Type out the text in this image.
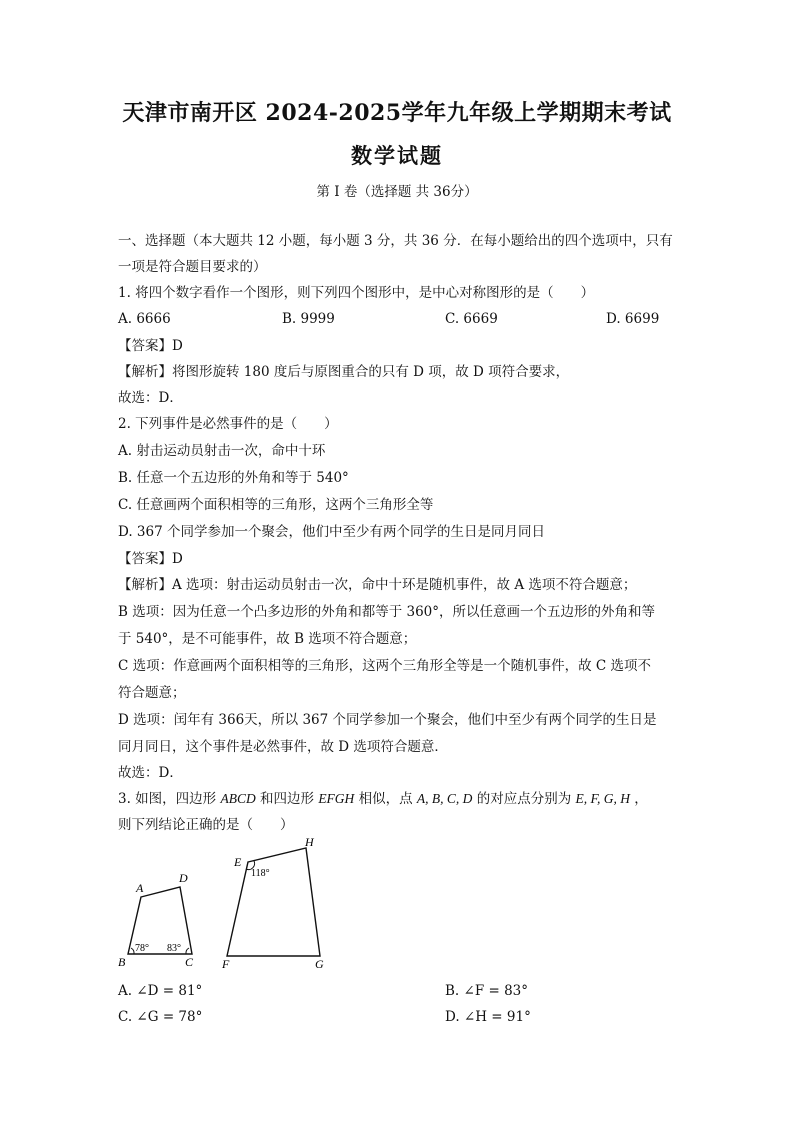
天津市南开区 2024-2025学年九年级上学期期末考试
数学试题
第 I 卷（选择题 共 36分）
一、选择题（本大题共 12 小题，每小题 3 分，共 36 分．在每小题给出的四个选项中，只有
一项是符合题目要求的）
1. 将四个数字看作一个图形，则下列四个图形中，是中心对称图形的是（　　）
A. 6666	B. 9999	C. 6669	D. 6699
【答案】D
【解析】将图形旋转 180 度后与原图重合的只有 D 项，故 D 项符合要求，
故选：D．
2. 下列事件是必然事件的是（　　）
A. 射击运动员射击一次，命中十环
B. 任意一个五边形的外角和等于 540°
C. 任意画两个面积相等的三角形，这两个三角形全等
D. 367 个同学参加一个聚会，他们中至少有两个同学的生日是同月同日
【答案】D
【解析】A 选项：射击运动员射击一次，命中十环是随机事件，故 A 选项不符合题意；
B 选项：因为任意一个凸多边形的外角和都等于 360°，所以任意画一个五边形的外角和等
于 540°，是不可能事件，故 B 选项不符合题意；
C 选项：作意画两个面积相等的三角形，这两个三角形全等是一个随机事件，故 C 选项不
符合题意；
D 选项：闰年有 366天，所以 367 个同学参加一个聚会，他们中至少有两个同学的生日是
同月同日，这个事件是必然事件，故 D 选项符合题意．
故选：D．
3. 如图，四边形 ABCD 和四边形 EFGH 相似，点 A, B, C, D 的对应点分别为 E, F, G, H ，
则下列结论正确的是（　　）
A
B	C
D
78° 83°
E
F	G
H
118°
A. ∠D = 81°	B. ∠F = 83°
C. ∠G = 78°	D. ∠H = 91°
